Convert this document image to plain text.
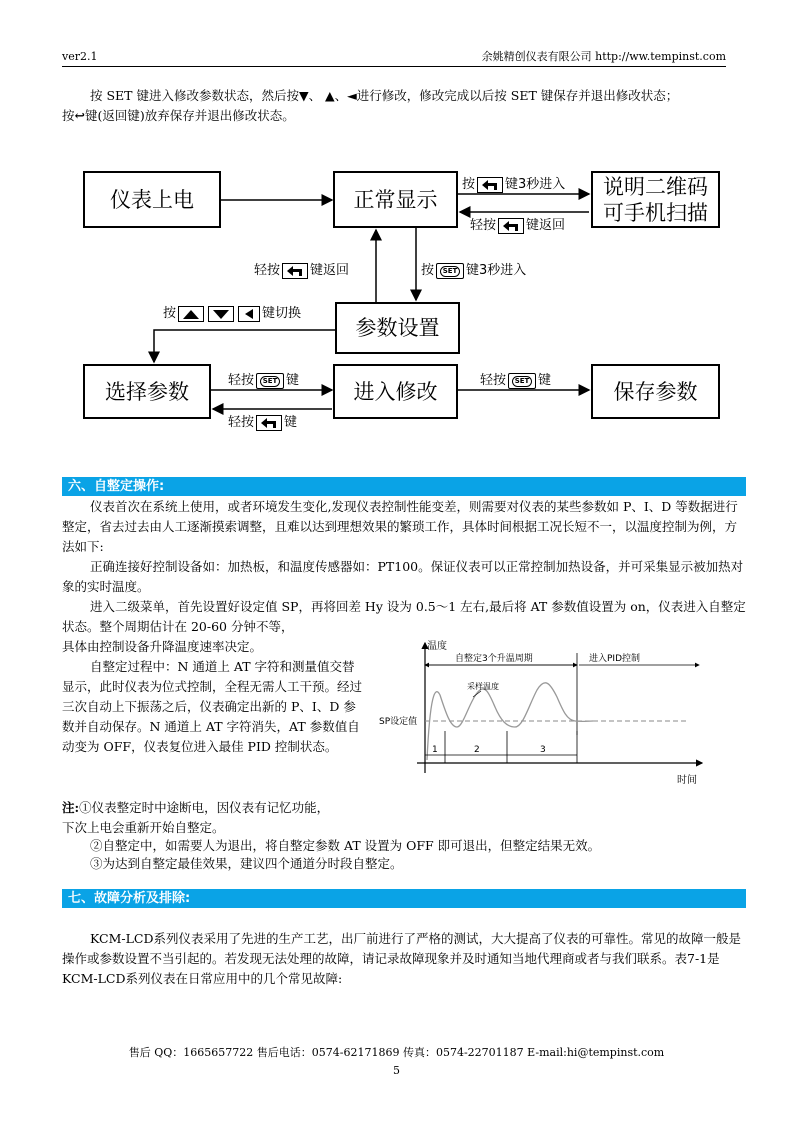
ver2.1	余姚精创仪表有限公司 http://ww.tempinst.com
按 SET 键进入修改参数状态，然后按▼、 ▲、◄进行修改，修改完成以后按 SET 键保存并退出修改状态；
按↩键(返回键)放弃保存并退出修改状态。
仪表上电	正常显示
说明二维码
可手机扫描
参数设置
选择参数	进入修改	保存参数
按 键3秒进入
轻按 键返回
轻按 键返回	按	SET 键3秒进入
按	键切换
轻按	SET 键
轻按 键
轻按	SET 键
六、自整定操作:
仪表首次在系统上使用，或者环境发生变化,发现仪表控制性能变差，则需要对仪表的某些参数如 P、I、D 等数据进行整定，省去过去由人工逐渐摸索调整，且难以达到理想效果的繁琐工作，具体时间根据工况长短不一，以温度控制为例，方法如下:
正确连接好控制设备如：加热板，和温度传感器如：PT100。保证仪表可以正常控制加热设备，并可采集显示被加热对象的实时温度。
进入二级菜单，首先设置好设定值 SP，再将回差 Hy 设为 0.5～1 左右,最后将 AT 参数值设置为 on，仪表进入自整定状态。整个周期估计在 20-60 分钟不等，
具体由控制设备升降温度速率决定。
自整定过程中：N 通道上 AT 字符和测量值交替显示，此时仪表为位式控制，全程无需人工干预。经过三次自动上下振荡之后，仪表确定出新的 P、I、D 参数并自动保存。N 通道上 AT 字符消失，AT 参数值自动变为 OFF，仪表复位进入最佳 PID 控制状态。
温度
时间
自整定3个升温周期	进入PID控制
SP设定值
采样温度
1	2	3
注:①仪表整定时中途断电，因仪表有记忆功能，
下次上电会重新开始自整定。
②自整定中，如需要人为退出，将自整定参数 AT 设置为 OFF 即可退出，但整定结果无效。
③为达到自整定最佳效果，建议四个通道分时段自整定。
七、故障分析及排除:
KCM-LCD系列仪表采用了先进的生产工艺，出厂前进行了严格的测试，大大提高了仪表的可靠性。常见的故障一般是操作或参数设置不当引起的。若发现无法处理的故障，请记录故障现象并及时通知当地代理商或者与我们联系。表7-1是KCM-LCD系列仪表在日常应用中的几个常见故障:
售后 QQ：1665657722 售后电话：0574-62171869 传真：0574-22701187 E-mail:hi@tempinst.com
5
